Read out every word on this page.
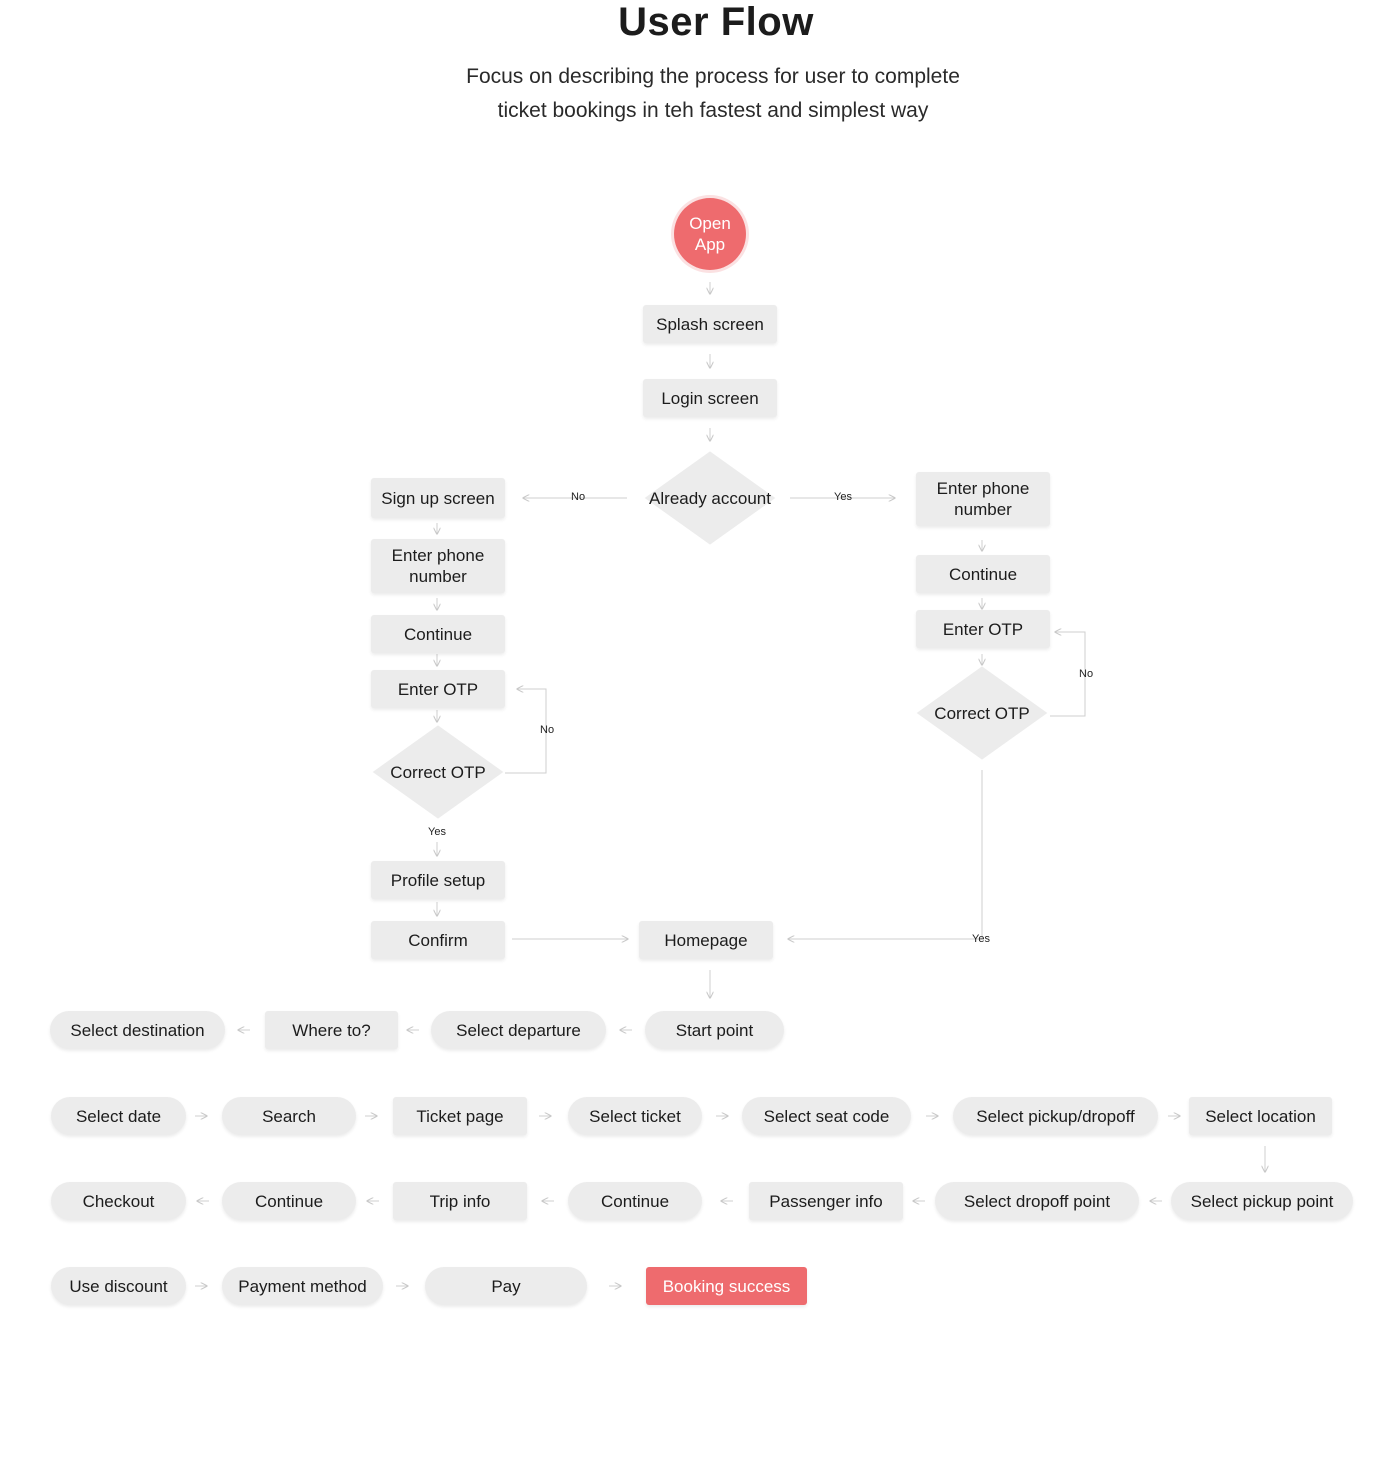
User Flow
Focus on describing the process for user to complete
ticket bookings in teh fastest and simplest way
No	Yes
No
Yes
No
Yes
Open App
Splash screen
Login screen
Already account
Sign up screen
Enter phone number
Continue
Enter OTP
Correct OTP
Profile setup
Confirm
Enter phone number
Continue
Enter OTP
Correct OTP
Homepage
Start point
Select departure
Where to?
Select destination
Select date	Search	Ticket page	Select ticket	Select seat code	Select pickup/dropoff	Select location
Select pickup point
Select dropoff point
Passenger info
Continue
Trip info
Continue
Checkout
Use discount	Payment method	Pay	Booking success
